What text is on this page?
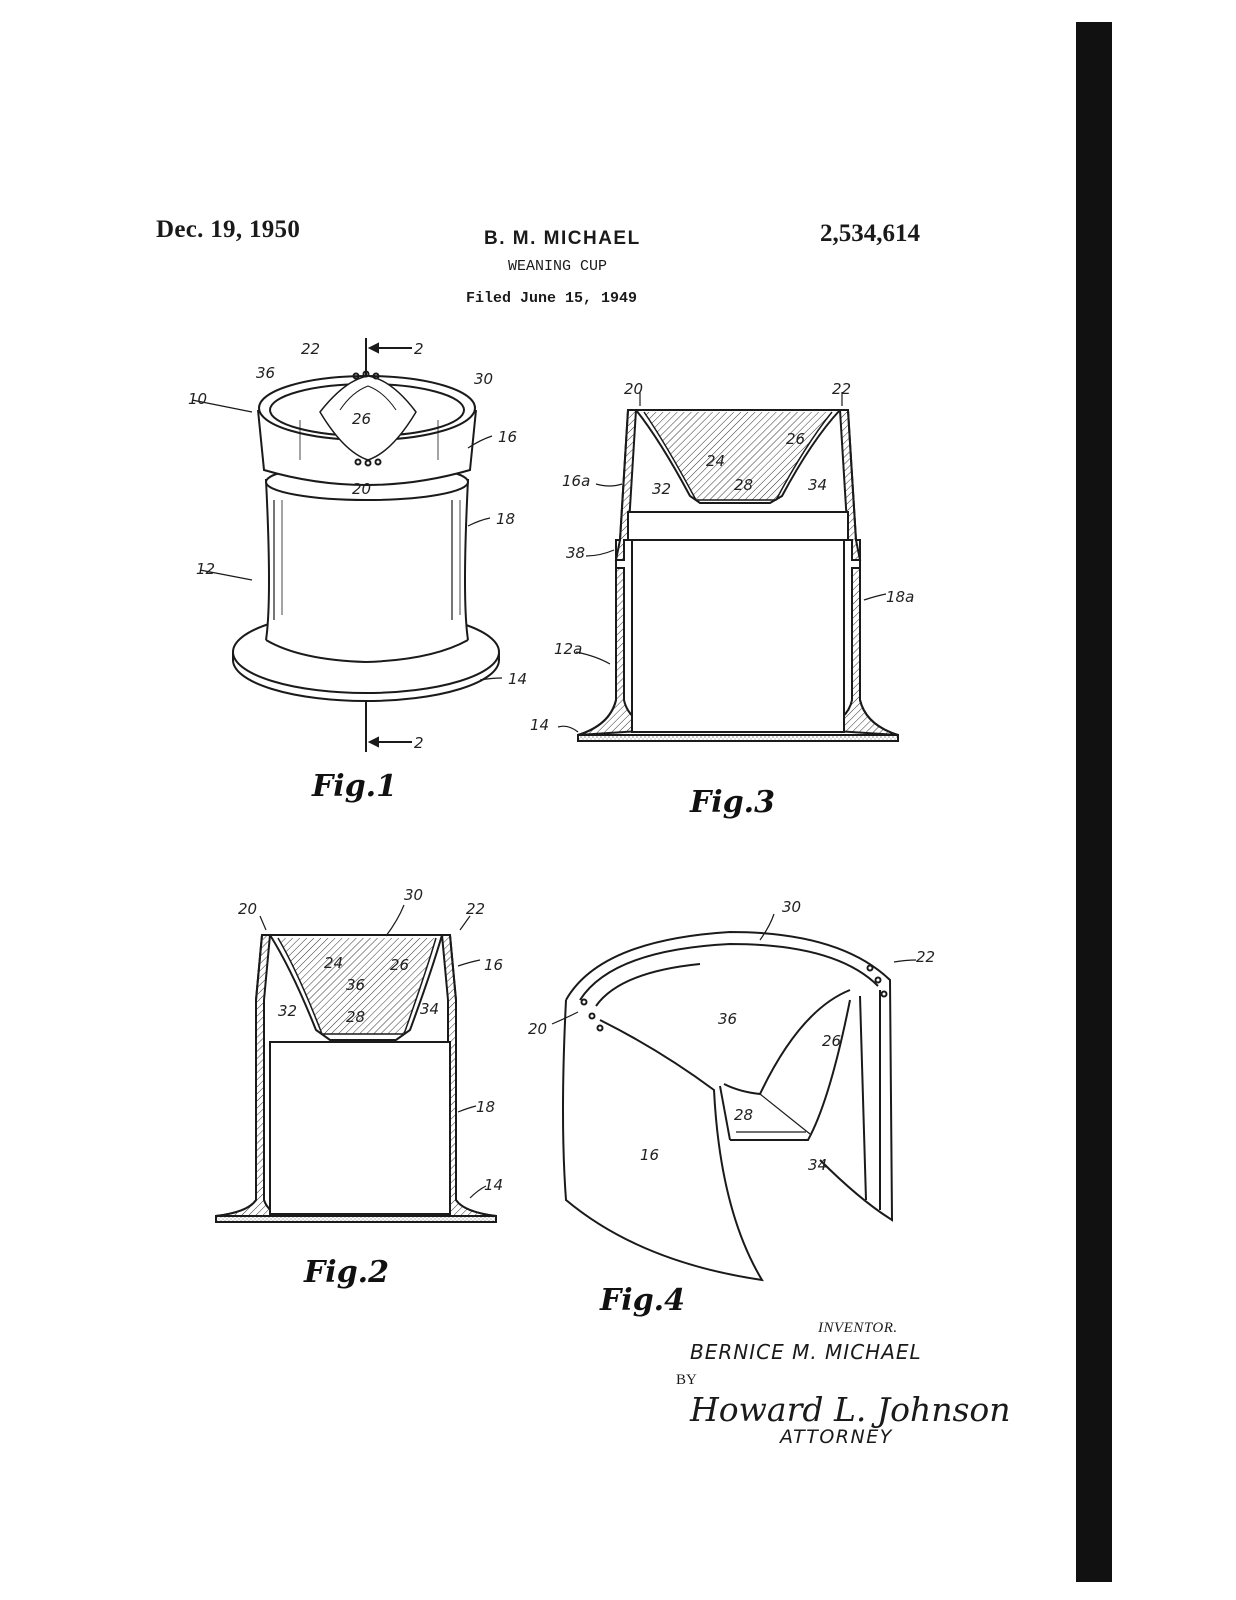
Dec. 19, 1950	B. M. MICHAEL	2,534,614
WEANING CUP
Filed June 15, 1949
22	2
10
36
26
30
20
16
18
12
14
2
Fig.1
20	22
24
26
16a	32	28	34
38
18a
12a
14
Fig.3
20
30
22
24	26	16
36
32	28	34
18
14
Fig.2
30
22
20
36
26
28
16
34
Fig.4
INVENTOR.
BERNICE M. MICHAEL
BY
Howard L. Johnson
ATTORNEY
